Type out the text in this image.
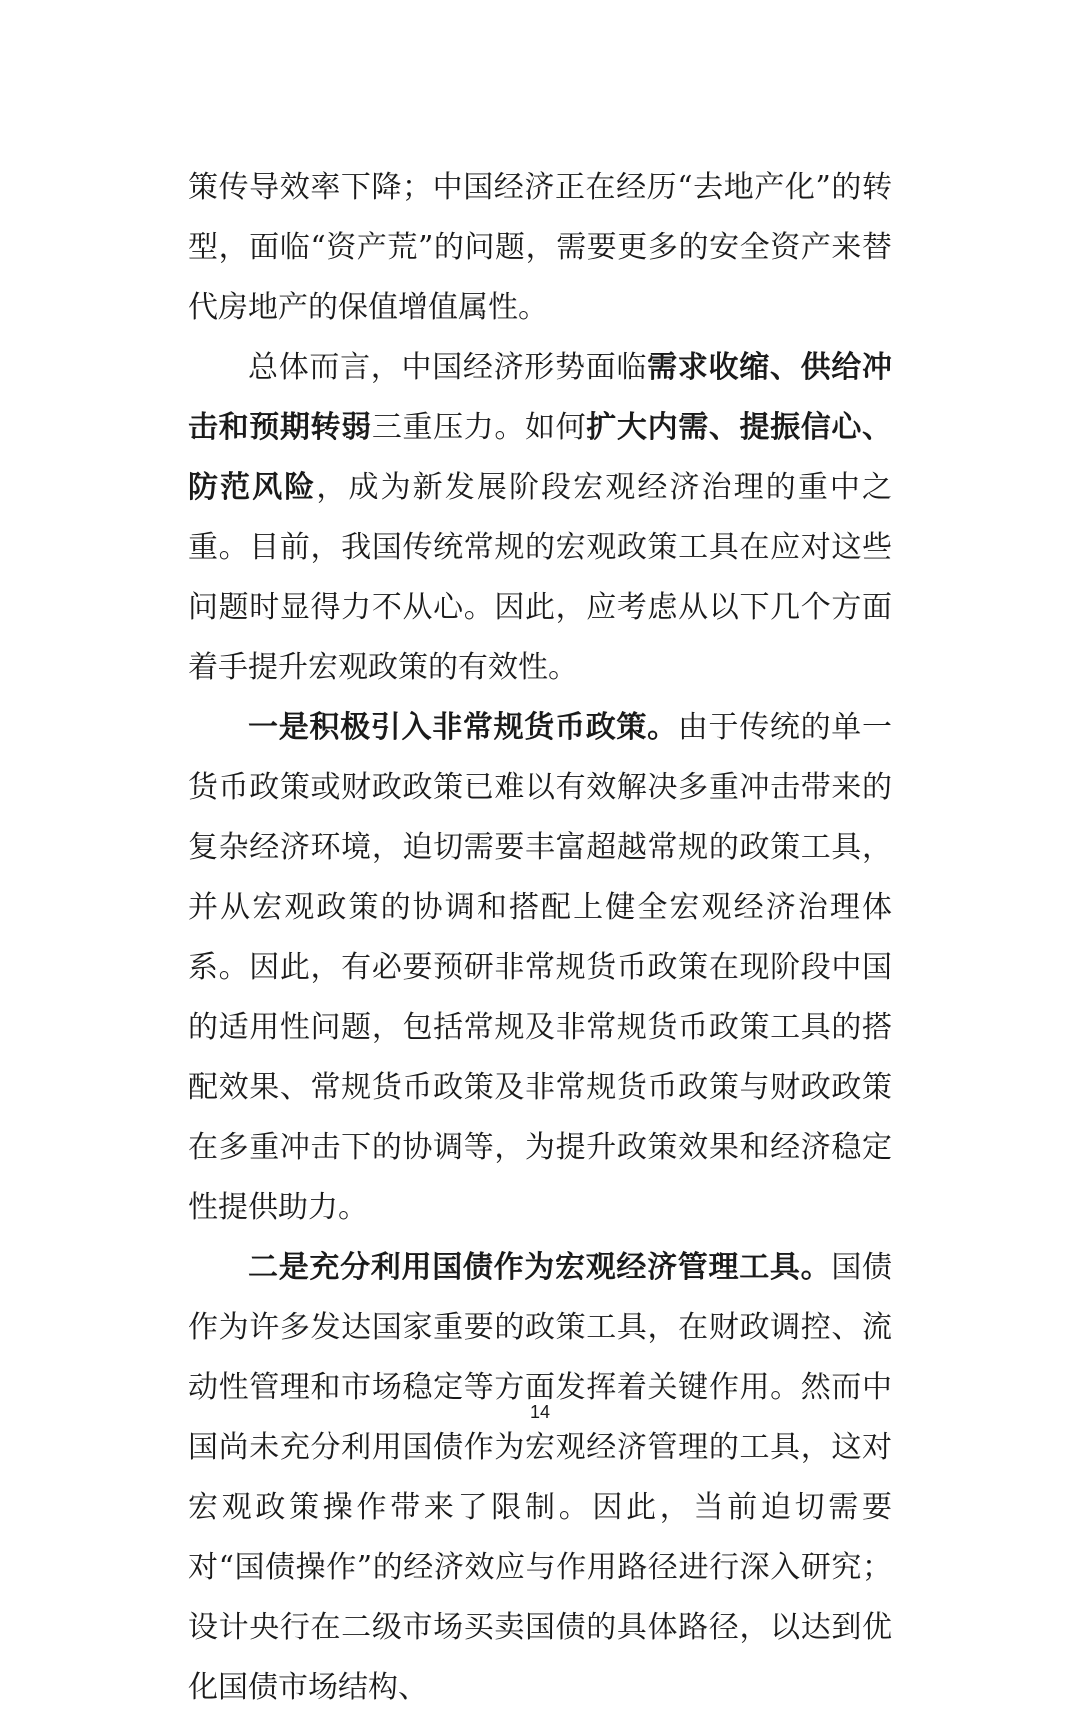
策传导效率下降；中国经济正在经历“去地产化”的转型，面临“资产荒”的问题，需要更多的安全资产来替代房地产的保值增值属性。

总体而言，中国经济形势面临需求收缩、供给冲击和预期转弱三重压力。如何扩大内需、提振信心、防范风险，成为新发展阶段宏观经济治理的重中之重。目前，我国传统常规的宏观政策工具在应对这些问题时显得力不从心。因此，应考虑从以下几个方面着手提升宏观政策的有效性。

一是积极引入非常规货币政策。由于传统的单一货币政策或财政政策已难以有效解决多重冲击带来的复杂经济环境，迫切需要丰富超越常规的政策工具，并从宏观政策的协调和搭配上健全宏观经济治理体系。因此，有必要预研非常规货币政策在现阶段中国的适用性问题，包括常规及非常规货币政策工具的搭配效果、常规货币政策及非常规货币政策与财政政策在多重冲击下的协调等，为提升政策效果和经济稳定性提供助力。

二是充分利用国债作为宏观经济管理工具。国债作为许多发达国家重要的政策工具，在财政调控、流动性管理和市场稳定等方面发挥着关键作用。然而中国尚未充分利用国债作为宏观经济管理的工具，这对宏观政策操作带来了限制。因此，当前迫切需要对“国债操作”的经济效应与作用路径进行深入研究；设计央行在二级市场买卖国债的具体路径，以达到优化国债市场结构、

14
